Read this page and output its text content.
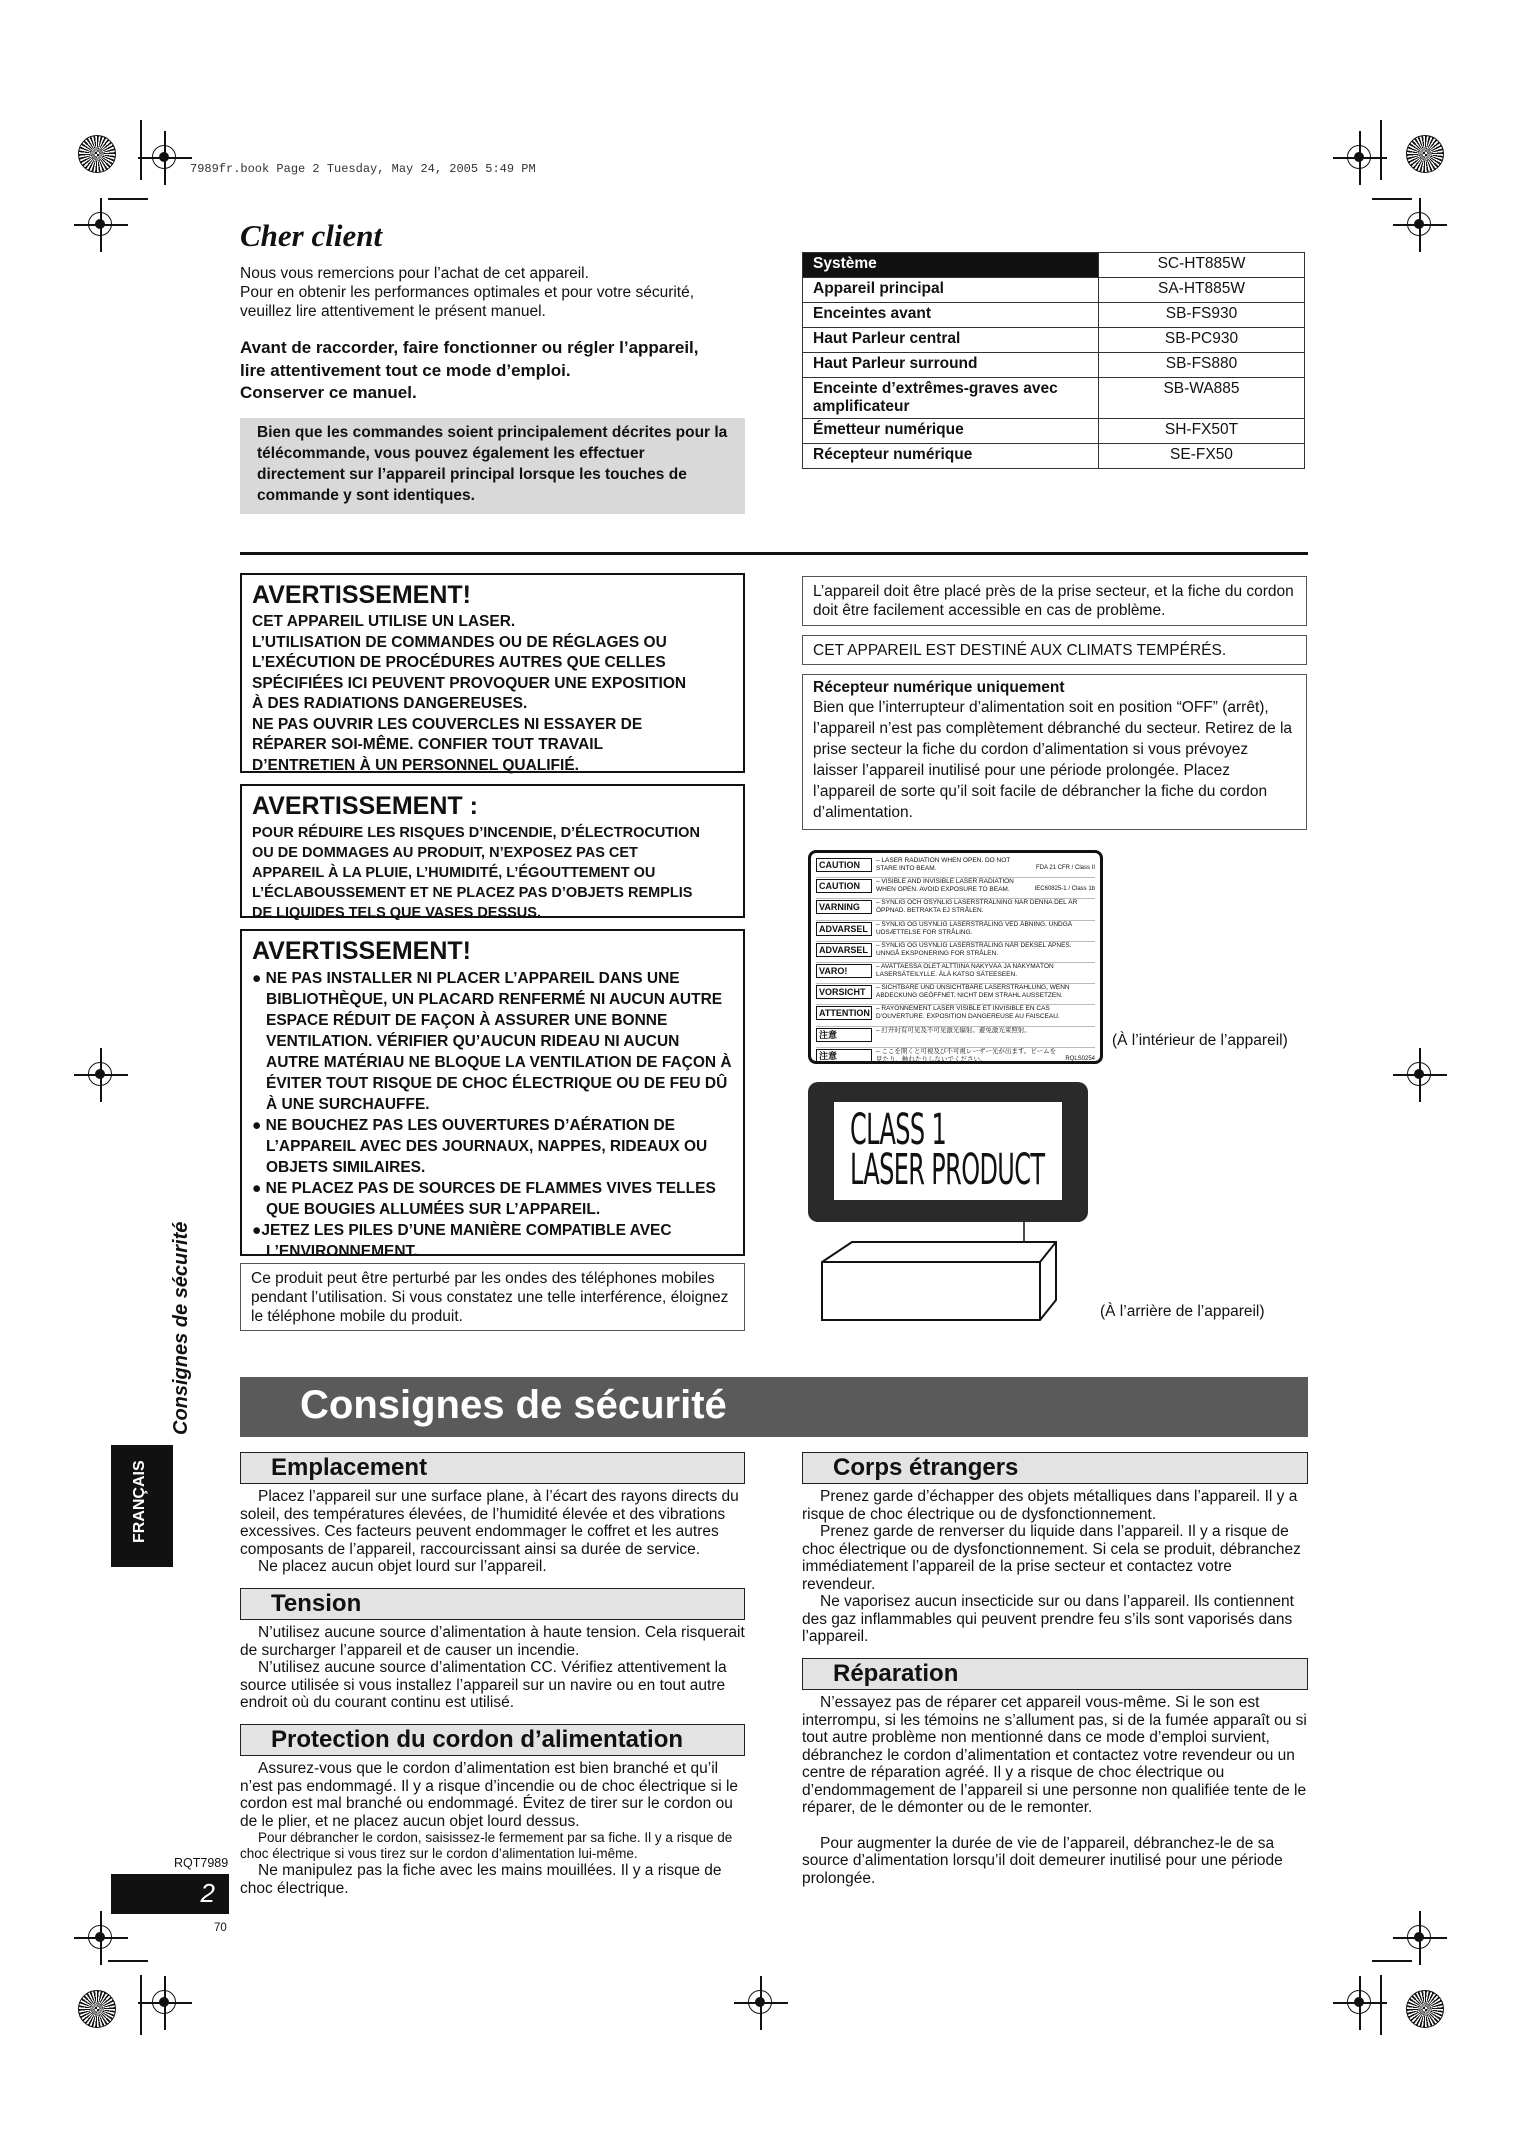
7989fr.book Page 2 Tuesday, May 24, 2005 5:49 PM
Cher client
Nous vous remercions pour l’achat de cet appareil.
Pour en obtenir les performances optimales et pour votre sécurité, veuillez lire attentivement le présent manuel.
Avant de raccorder, faire fonctionner ou régler l’appareil,
lire attentivement tout ce mode d’emploi.
Conserver ce manuel.
Bien que les commandes soient principalement décrites pour la télécommande, vous pouvez également les effectuer directement sur l’appareil principal lorsque les touches de commande y sont identiques.
Système	SC-HT885W
Appareil principal	SA-HT885W
Enceintes avant	SB-FS930
Haut Parleur central	SB-PC930
Haut Parleur surround	SB-FS880
Enceinte d’extrêmes-graves avec amplificateur	SB-WA885
Émetteur numérique	SH-FX50T
Récepteur numérique	SE-FX50
AVERTISSEMENT!
CET APPAREIL UTILISE UN LASER.
L’UTILISATION DE COMMANDES OU DE RÉGLAGES OU
L’EXÉCUTION DE PROCÉDURES AUTRES QUE CELLES
SPÉCIFIÉES ICI PEUVENT PROVOQUER UNE EXPOSITION
À DES RADIATIONS DANGEREUSES.
NE PAS OUVRIR LES COUVERCLES NI ESSAYER DE
RÉPARER SOI-MÊME. CONFIER TOUT TRAVAIL
D’ENTRETIEN À UN PERSONNEL QUALIFIÉ.
AVERTISSEMENT :
POUR RÉDUIRE LES RISQUES D’INCENDIE, D’ÉLECTROCUTION
OU DE DOMMAGES AU PRODUIT, N’EXPOSEZ PAS CET
APPAREIL À LA PLUIE, L’HUMIDITÉ, L’ÉGOUTTEMENT OU
L’ÉCLABOUSSEMENT ET NE PLACEZ PAS D’OBJETS REMPLIS
DE LIQUIDES TELS QUE VASES DESSUS.
AVERTISSEMENT!
● NE PAS INSTALLER NI PLACER L’APPAREIL DANS UNE BIBLIOTHÈQUE, UN PLACARD RENFERMÉ NI AUCUN AUTRE ESPACE RÉDUIT DE FAÇON À ASSURER UNE BONNE VENTILATION. VÉRIFIER QU’AUCUN RIDEAU NI AUCUN AUTRE MATÉRIAU NE BLOQUE LA VENTILATION DE FAÇON À ÉVITER TOUT RISQUE DE CHOC ÉLECTRIQUE OU DE FEU DÛ À UNE SURCHAUFFE.
● NE BOUCHEZ PAS LES OUVERTURES D’AÉRATION DE L’APPAREIL AVEC DES JOURNAUX, NAPPES, RIDEAUX OU OBJETS SIMILAIRES.
● NE PLACEZ PAS DE SOURCES DE FLAMMES VIVES TELLES QUE BOUGIES ALLUMÉES SUR L’APPAREIL.
●JETEZ LES PILES D’UNE MANIÈRE COMPATIBLE AVEC L’ENVIRONNEMENT.
Ce produit peut être perturbé par les ondes des téléphones mobiles pendant l’utilisation. Si vous constatez une telle interférence, éloignez le téléphone mobile du produit.
L’appareil doit être placé près de la prise secteur, et la fiche du cordon doit être facilement accessible en cas de problème.
CET APPAREIL EST DESTINÉ AUX CLIMATS TEMPÉRÉS.
Récepteur numérique uniquement
Bien que l’interrupteur d’alimentation soit en position “OFF” (arrêt), l’appareil n’est pas complètement débranché du secteur. Retirez de la prise secteur la fiche du cordon d’alimentation si vous prévoyez laisser l’appareil inutilisé pour une période prolongée. Placez l’appareil de sorte qu’il soit facile de débrancher la fiche du cordon d’alimentation.
CAUTION	– LASER RADIATION WHEN OPEN. DO NOT STARE INTO BEAM.	FDA 21 CFR / Class II
CAUTION	– VISIBLE AND INVISIBLE LASER RADIATION WHEN OPEN. AVOID EXPOSURE TO BEAM.	IEC60825-1 / Class 1b
VARNING	– SYNLIG OCH OSYNLIG LASERSTRÅLNING NÄR DENNA DEL ÄR ÖPPNAD. BETRAKTA EJ STRÅLEN.
ADVARSEL	– SYNLIG OG USYNLIG LASERSTRÅLING VED ÅBNING. UNDGÅ UDSÆTTELSE FOR STRÅLING.
ADVARSEL	– SYNLIG OG USYNLIG LASERSTRÅLING NÅR DEKSEL ÅPNES. UNNGÅ EKSPONERING FOR STRÅLEN.
VARO!	– AVATTAESSA OLET ALTTIINA NÄKYVÄÄ JA NÄKYMÄTÖN LASERSÄTEILYLLE. ÄLÄ KATSO SÄTEESEEN.
VORSICHT	– SICHTBARE UND UNSICHTBARE LASERSTRAHLUNG, WENN ABDECKUNG GEÖFFNET. NICHT DEM STRAHL AUSSETZEN.
ATTENTION – RAYONNEMENT LASER VISIBLE ET INVISIBLE EN CAS D’OUVERTURE. EXPOSITION DANGEREUSE AU FAISCEAU.
注意	– 打开时有可见及不可见激光辐射。避免激光束照射。
注意	– ここを開くと可視及び不可視レーザー光が出ます。ビームを見たり、触れたりしないでください。	RQLS0254
(À l’intérieur de l’appareil)
CLASS 1
LASER PRODUCT
(À l’arrière de l’appareil)
Consignes de sécurité
FRANÇAIS
RQT7989
2
70
Consignes de sécurité
Emplacement

Placez l’appareil sur une surface plane, à l’écart des rayons directs du soleil, des températures élevées, de l’humidité élevée et des vibrations excessives. Ces facteurs peuvent endommager le coffret et les autres composants de l’appareil, raccourcissant ainsi sa durée de service.

Ne placez aucun objet lourd sur l’appareil.

Tension

N’utilisez aucune source d’alimentation à haute tension. Cela risquerait de surcharger l’appareil et de causer un incendie.

N’utilisez aucune source d’alimentation CC. Vérifiez attentivement la source utilisée si vous installez l’appareil sur un navire ou en tout autre endroit où du courant continu est utilisé.

Protection du cordon d’alimentation

Assurez-vous que le cordon d’alimentation est bien branché et qu’il n’est pas endommagé. Il y a risque d’incendie ou de choc électrique si le cordon est mal branché ou endommagé. Évitez de tirer sur le cordon ou de le plier, et ne placez aucun objet lourd dessus.

Pour débrancher le cordon, saisissez-le fermement par sa fiche. Il y a risque de choc électrique si vous tirez sur le cordon d’alimentation lui-même.

Ne manipulez pas la fiche avec les mains mouillées. Il y a risque de choc électrique.

Corps étrangers

Prenez garde d’échapper des objets métalliques dans l’appareil. Il y a risque de choc électrique ou de dysfonctionnement.

Prenez garde de renverser du liquide dans l’appareil. Il y a risque de choc électrique ou de dysfonctionnement. Si cela se produit, débranchez immédiatement l’appareil de la prise secteur et contactez votre revendeur.

Ne vaporisez aucun insecticide sur ou dans l’appareil. Ils contiennent des gaz inflammables qui peuvent prendre feu s’ils sont vaporisés dans l’appareil.

Réparation

N’essayez pas de réparer cet appareil vous-même. Si le son est interrompu, si les témoins ne s’allument pas, si de la fumée apparaît ou si tout autre problème non mentionné dans ce mode d’emploi survient, débranchez le cordon d’alimentation et contactez votre revendeur ou un centre de réparation agréé. Il y a risque de choc électrique ou d’endommagement de l’appareil si une personne non qualifiée tente de le réparer, de le démonter ou de le remonter.

Pour augmenter la durée de vie de l’appareil, débranchez-le de sa source d’alimentation lorsqu’il doit demeurer inutilisé pour une période prolongée.
